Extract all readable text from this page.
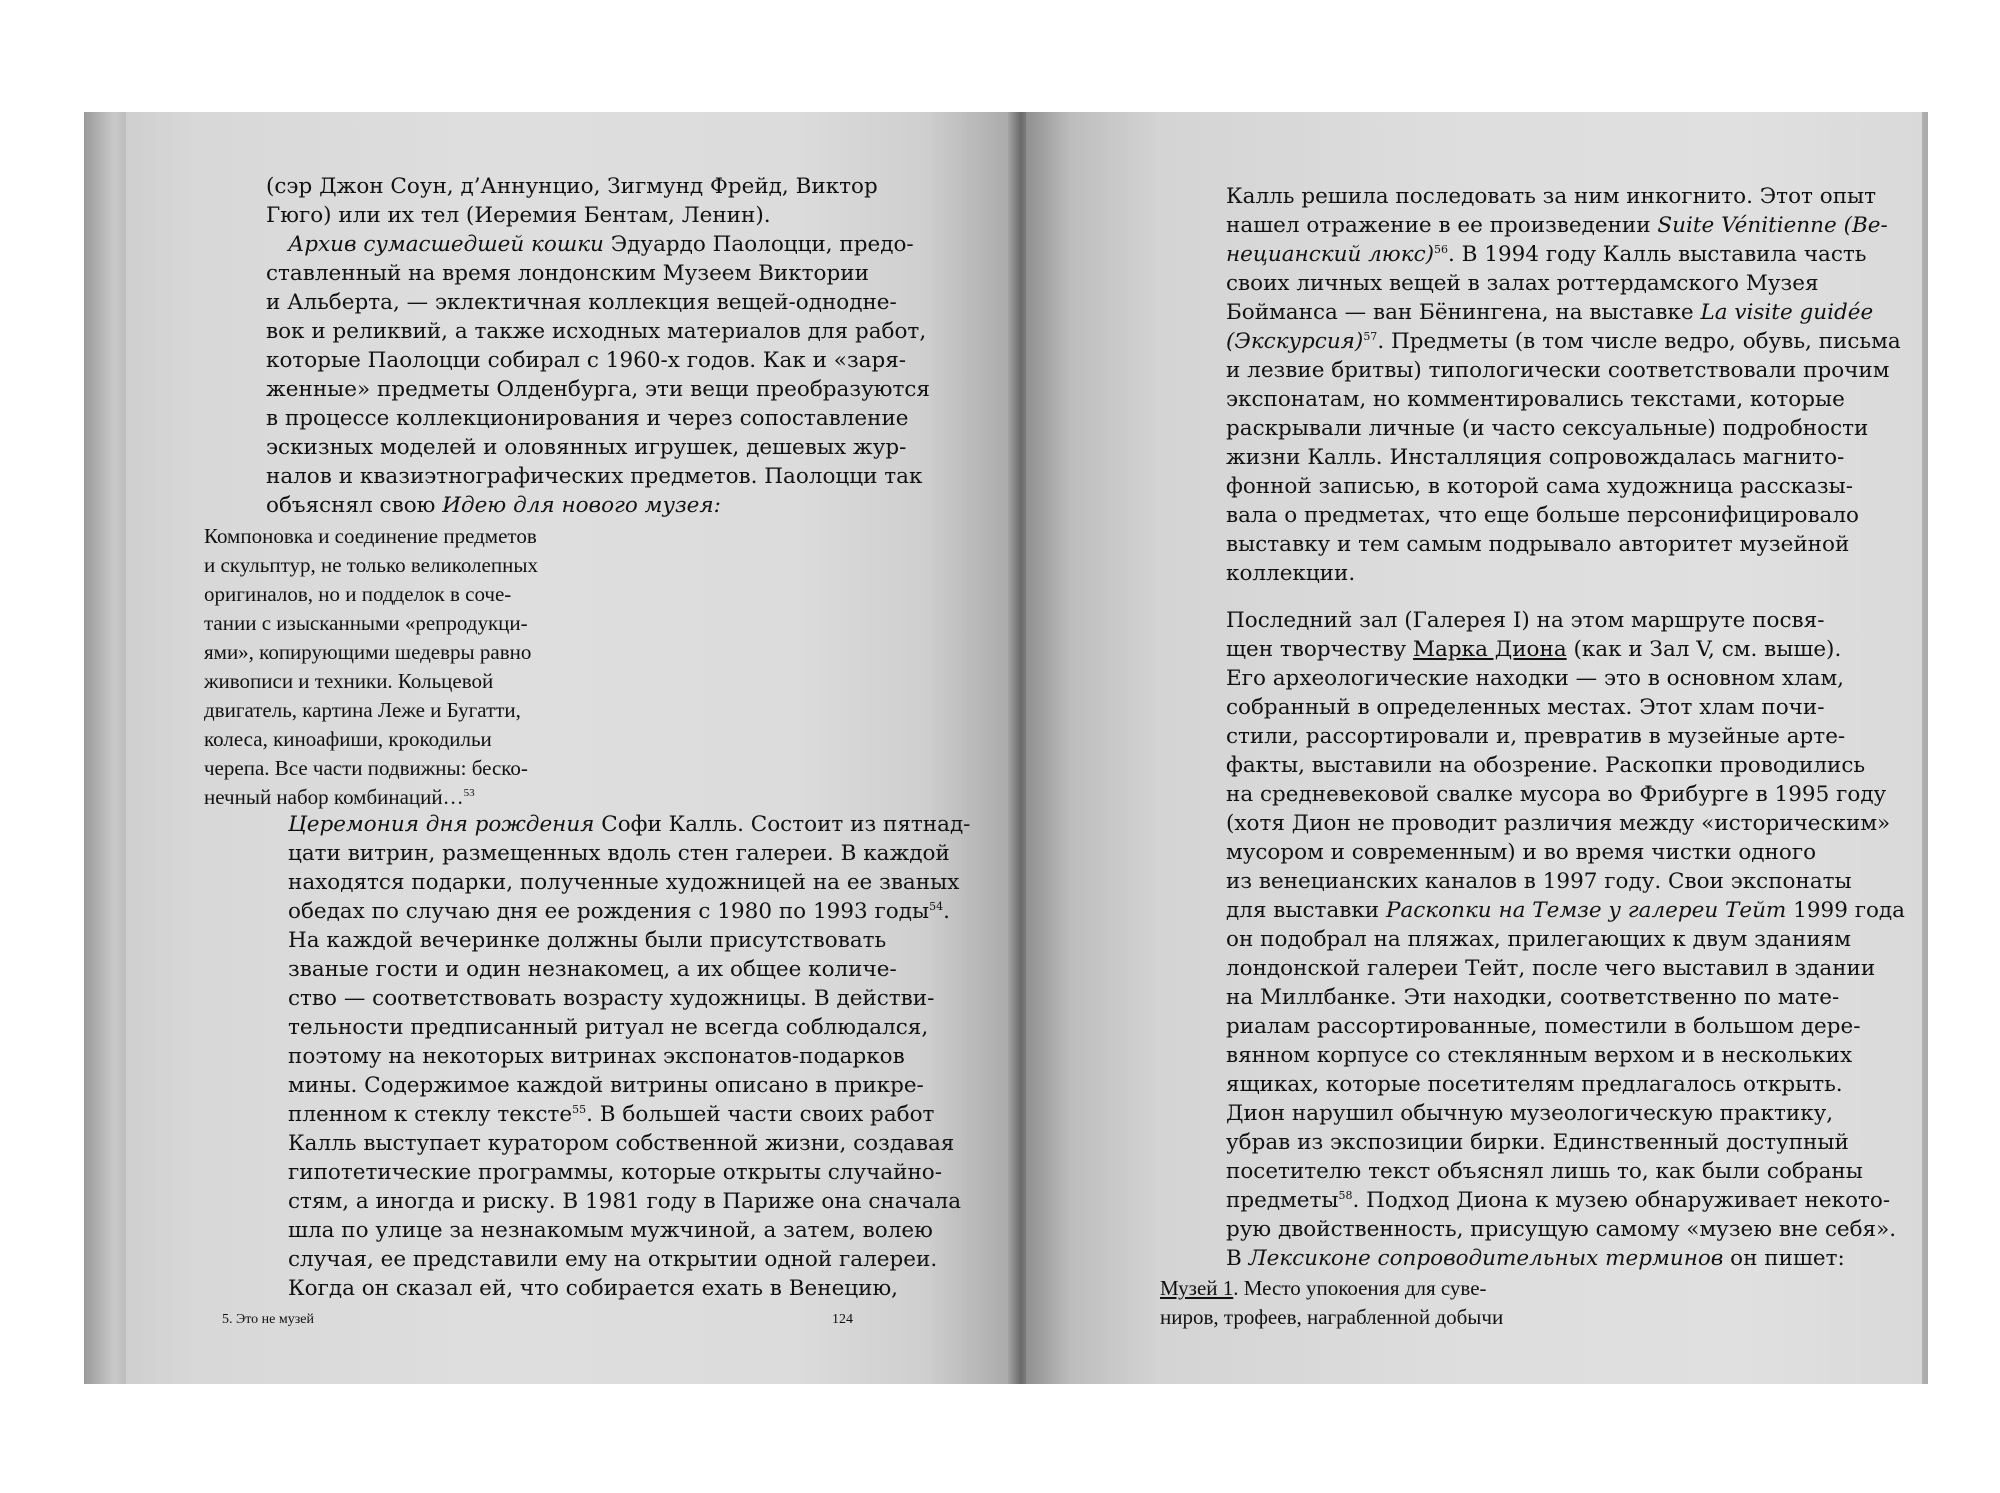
(сэр Джон Соун, д’Аннунцио, Зигмунд Фрейд, Виктор
Гюго) или их тел (Иеремия Бентам, Ленин).
Архив сумасшедшей кошки Эдуардо Паолоцци, предо-
ставленный на время лондонским Музеем Виктории
и Альберта, — эклектичная коллекция вещей-однодне-
вок и реликвий, а также исходных материалов для работ,
которые Паолоцци собирал с 1960-х годов. Как и «заря-
женные» предметы Олденбурга, эти вещи преобразуются
в процессе коллекционирования и через сопоставление
эскизных моделей и оловянных игрушек, дешевых жур-
налов и квазиэтнографических предметов. Паолоцци так
объяснял свою Идею для нового музея:
Компоновка и соединение предметов
и скульптур, не только великолепных
оригиналов, но и подделок в соче-
тании с изысканными «репродукци-
ями», копирующими шедевры равно
живописи и техники. Кольцевой
двигатель, картина Леже и Бугатти,
колеса, киноафиши, крокодильи
черепа. Все части подвижны: беско-
нечный набор комбинаций…$^{53}$
Церемония дня рождения Софи Калль. Состоит из пятнад-
цати витрин, размещенных вдоль стен галереи. В каждой
находятся подарки, полученные художницей на ее званых
обедах по случаю дня ее рождения с 1980 по 1993 годы$^{54}$.
На каждой вечеринке должны были присутствовать
званые гости и один незнакомец, а их общее количе-
ство — соответствовать возрасту художницы. В действи-
тельности предписанный ритуал не всегда соблюдался,
поэтому на некоторых витринах экспонатов-подарков
мины. Содержимое каждой витрины описано в прикре-
пленном к стеклу тексте$^{55}$. В большей части своих работ
Калль выступает куратором собственной жизни, создавая
гипотетические программы, которые открыты случайно-
стям, а иногда и риску. В 1981 году в Париже она сначала
шла по улице за незнакомым мужчиной, а затем, волею
случая, ее представили ему на открытии одной галереи.
Когда он сказал ей, что собирается ехать в Венецию,
5. Это не музей	124
Калль решила последовать за ним инкогнито. Этот опыт
нашел отражение в ее произведении Suite Vénitienne (Ве-
нецианский люкс)$^{56}$. В 1994 году Калль выставила часть
своих личных вещей в залах роттердамского Музея
Бойманса — ван Бёнингена, на выставке La visite guidée
(Экскурсия)$^{57}$. Предметы (в том числе ведро, обувь, письма
и лезвие бритвы) типологически соответствовали прочим
экспонатам, но комментировались текстами, которые
раскрывали личные (и часто сексуальные) подробности
жизни Калль. Инсталляция сопровождалась магнито-
фонной записью, в которой сама художница рассказы-
вала о предметах, что еще больше персонифицировало
выставку и тем самым подрывало авторитет музейной
коллекции.
Последний зал (Галерея I) на этом маршруте посвя-
щен творчеству Марка Диона (как и Зал V, см. выше).
Его археологические находки — это в основном хлам,
собранный в определенных местах. Этот хлам почи-
стили, рассортировали и, превратив в музейные арте-
факты, выставили на обозрение. Раскопки проводились
на средневековой свалке мусора во Фрибурге в 1995 году
(хотя Дион не проводит различия между «историческим»
мусором и современным) и во время чистки одного
из венецианских каналов в 1997 году. Свои экспонаты
для выставки Раскопки на Темзе у галереи Тейт 1999 года
он подобрал на пляжах, прилегающих к двум зданиям
лондонской галереи Тейт, после чего выставил в здании
на Миллбанке. Эти находки, соответственно по мате-
риалам рассортированные, поместили в большом дере-
вянном корпусе со стеклянным верхом и в нескольких
ящиках, которые посетителям предлагалось открыть.
Дион нарушил обычную музеологическую практику,
убрав из экспозиции бирки. Единственный доступный
посетителю текст объяснял лишь то, как были собраны
предметы$^{58}$. Подход Диона к музею обнаруживает некото-
рую двойственность, присущую самому «музею вне себя».
В Лексиконе сопроводительных терминов он пишет:
Музей 1. Место упокоения для суве-
ниров, трофеев, награбленной добычи
